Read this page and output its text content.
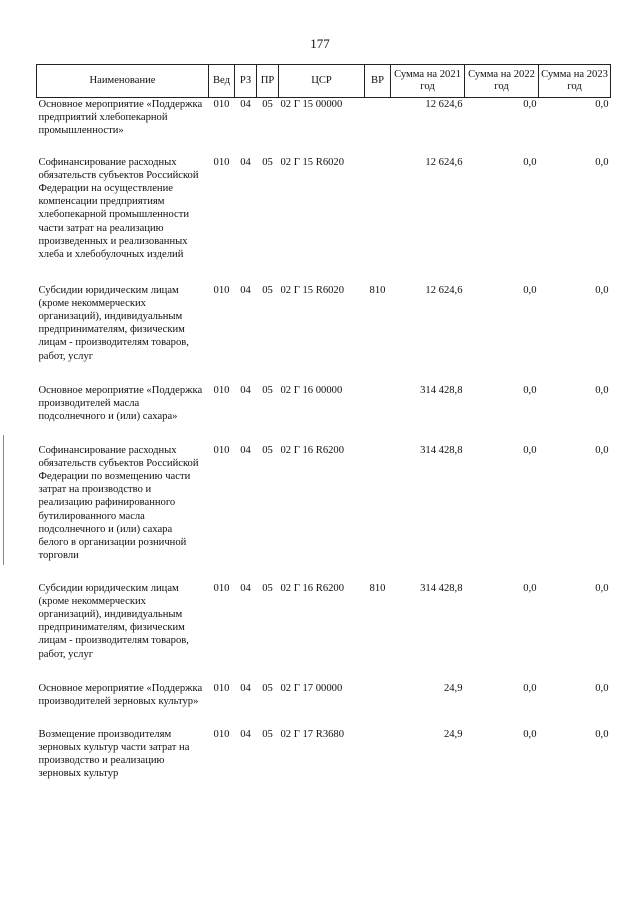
177
Наименование	Вед	РЗ	ПР	ЦСР	ВР	Сумма на 2021 год	Сумма на 2022 год	Сумма на 2023 год
Основное мероприятие «Поддержка предприятий хлебопекарной промышленности»	010	04	05	02 Г 15 00000		12 624,6	0,0	0,0
Софинансирование расходных обязательств субъектов Российской Федерации на осуществление компенсации предприятиям хлебопекарной промышленности части затрат на реализацию произведенных и реализованных хлеба и хлебобулочных изделий	010	04	05	02 Г 15 R6020		12 624,6	0,0	0,0
Субсидии юридическим лицам (кроме некоммерческих организаций), индивидуальным предпринимателям, физическим лицам - производителям товаров, работ, услуг	010	04	05	02 Г 15 R6020	810	12 624,6	0,0	0,0
Основное мероприятие «Поддержка производителей масла подсолнечного и (или) сахара»	010	04	05	02 Г 16 00000		314 428,8	0,0	0,0
Софинансирование расходных обязательств субъектов Российской Федерации по возмещению части затрат на производство и реализацию рафинированного бутилированного масла подсолнечного и (или) сахара белого в организации розничной торговли	010	04	05	02 Г 16 R6200		314 428,8	0,0	0,0
Субсидии юридическим лицам (кроме некоммерческих организаций), индивидуальным предпринимателям, физическим лицам - производителям товаров, работ, услуг	010	04	05	02 Г 16 R6200	810	314 428,8	0,0	0,0
Основное мероприятие «Поддержка производителей зерновых культур»	010	04	05	02 Г 17 00000		24,9	0,0	0,0
Возмещение производителям зерновых культур части затрат на производство и реализацию зерновых культур	010	04	05	02 Г 17 R3680		24,9	0,0	0,0
